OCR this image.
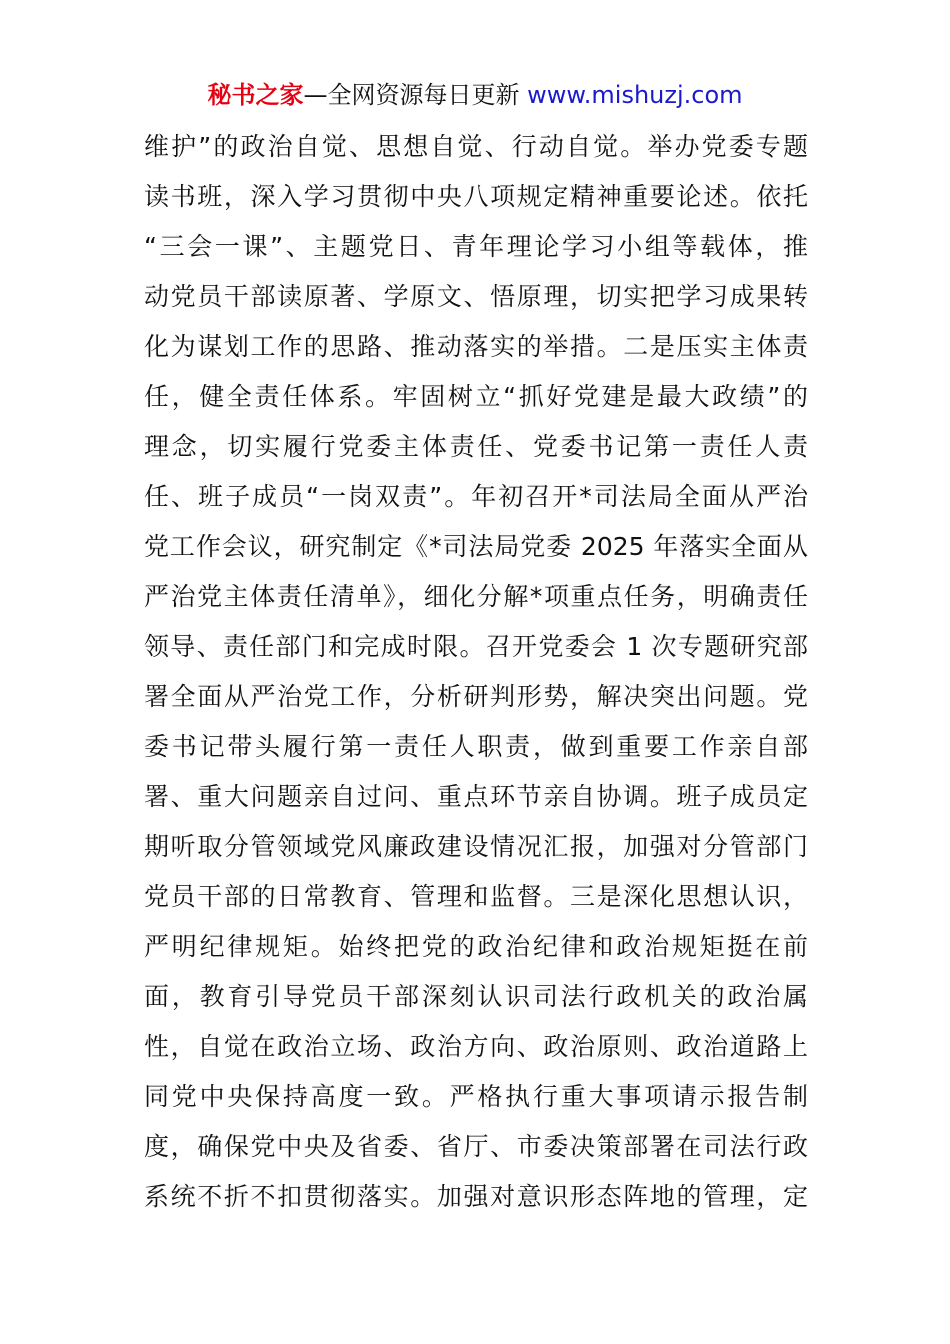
秘书之家—全网资源每日更新 www.mishuzj.com
维护”的政治自觉、思想自觉、行动自觉。举办党委专题
读书班，深入学习贯彻中央八项规定精神重要论述。依托
“三会一课”、主题党日、青年理论学习小组等载体，推
动党员干部读原著、学原文、悟原理，切实把学习成果转
化为谋划工作的思路、推动落实的举措。二是压实主体责
任，健全责任体系。牢固树立“抓好党建是最大政绩”的
理念，切实履行党委主体责任、党委书记第一责任人责
任、班子成员“一岗双责”。年初召开*司法局全面从严治
党工作会议，研究制定《*司法局党委 2025 年落实全面从
严治党主体责任清单》，细化分解*项重点任务，明确责任
领导、责任部门和完成时限。召开党委会 1 次专题研究部
署全面从严治党工作，分析研判形势，解决突出问题。党
委书记带头履行第一责任人职责，做到重要工作亲自部
署、重大问题亲自过问、重点环节亲自协调。班子成员定
期听取分管领域党风廉政建设情况汇报，加强对分管部门
党员干部的日常教育、管理和监督。三是深化思想认识，
严明纪律规矩。始终把党的政治纪律和政治规矩挺在前
面，教育引导党员干部深刻认识司法行政机关的政治属
性，自觉在政治立场、政治方向、政治原则、政治道路上
同党中央保持高度一致。严格执行重大事项请示报告制
度，确保党中央及省委、省厅、市委决策部署在司法行政
系统不折不扣贯彻落实。加强对意识形态阵地的管理，定
